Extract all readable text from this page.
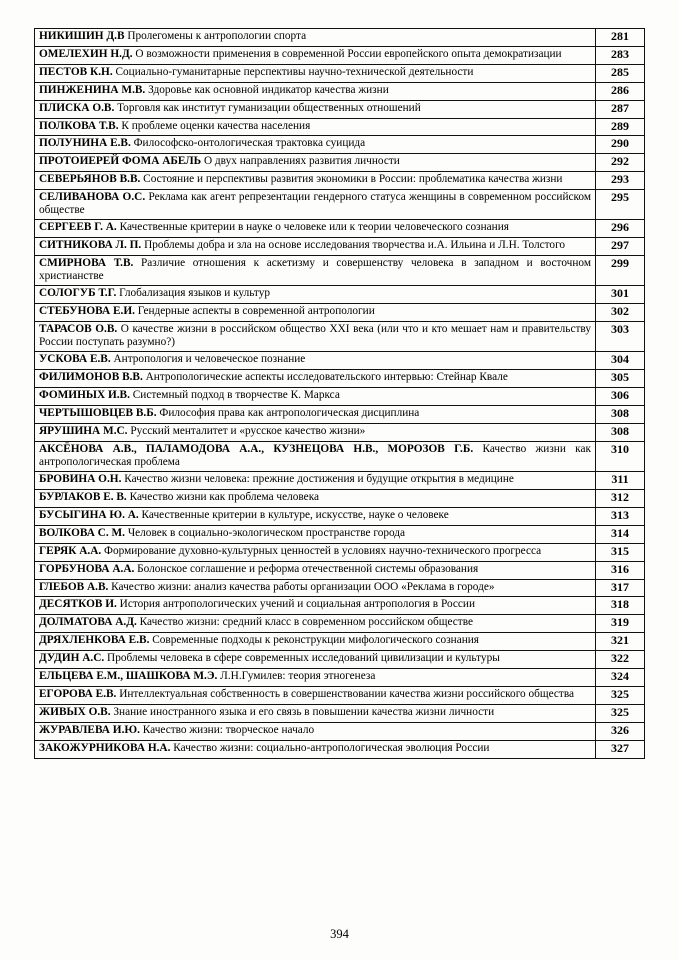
НИКИШИН Д.В Пролегомены к антропологии спорта	281
ОМЕЛЕХИН Н.Д. О возможности применения в современной России европейского опыта демократизации	283
ПЕСТОВ К.Н. Социально-гуманитарные перспективы научно-технической деятельности	285
ПИНЖЕНИНА М.В. Здоровье как основной индикатор качества жизни	286
ПЛИСКА О.В. Торговля как институт гуманизации общественных отношений	287
ПОЛКОВА Т.В. К проблеме оценки качества населения	289
ПОЛУНИНА Е.В. Философско-онтологическая трактовка суицида	290
ПРОТОИЕРЕЙ ФОМА АБЕЛЬ О двух направлениях развития личности	292
СЕВЕРЬЯНОВ В.В. Состояние и перспективы развития экономики в России: проблематика качества жизни	293
СЕЛИВАНОВА О.С. Реклама как агент репрезентации гендерного статуса женщины в современном российском обществе	295
СЕРГЕЕВ Г. А. Качественные критерии в науке о человеке или к теории человеческого сознания	296
СИТНИКОВА Л. П. Проблемы добра и зла на основе исследования творчества и.А. Ильина и Л.Н. Толстого	297
СМИРНОВА Т.В. Различие отношения к аскетизму и совершенству человека в западном и восточном христианстве	299
СОЛОГУБ Т.Г. Глобализация языков и культур	301
СТЕБУНОВА Е.И. Гендерные аспекты в современной антропологии	302
ТАРАСОВ О.В. О качестве жизни в российском общество XXI века (или что и кто мешает нам и правительству России поступать разумно?)	303
УСКОВА Е.В. Антропология и человеческое познание	304
ФИЛИМОНОВ В.В. Антропологические аспекты исследовательского интервью: Стейнар Квале	305
ФОМИНЫХ И.В. Системный подход в творчестве К. Маркса	306
ЧЕРТЫШОВЦЕВ В.Б. Философия права как антропологическая дисциплина	308
ЯРУШИНА М.С. Русский менталитет и «русское качество жизни»	308
АКСЁНОВА А.В., ПАЛАМОДОВА А.А., КУЗНЕЦОВА Н.В., МОРОЗОВ Г.Б. Качество жизни как антропологическая проблема	310
БРОВИНА О.Н. Качество жизни человека: прежние достижения и будущие открытия в медицине	311
БУРЛАКОВ Е. В. Качество жизни как проблема человека	312
БУСЫГИНА Ю. А. Качественные критерии в культуре, искусстве, науке о человеке	313
ВОЛКОВА С. М. Человек в социально-экологическом пространстве города	314
ГЕРЯК А.А. Формирование духовно-культурных ценностей в условиях научно-технического прогресса	315
ГОРБУНОВА А.А. Болонское соглашение и реформа отечественной системы образования	316
ГЛЕБОВ А.В. Качество жизни: анализ качества работы организации ООО «Реклама в городе»	317
ДЕСЯТКОВ И. История антропологических учений и социальная антропология в России	318
ДОЛМАТОВА А.Д. Качество жизни: средний класс в современном российском обществе	319
ДРЯХЛЕНКОВА Е.В. Современные подходы к реконструкции мифологического сознания	321
ДУДИН А.С. Проблемы человека в сфере современных исследований цивилизации и культуры	322
ЕЛЬЦЕВА Е.М., ШАШКОВА М.Э. Л.Н.Гумилев: теория этногенеза	324
ЕГОРОВА Е.В. Интеллектуальная собственность в совершенствовании качества жизни российского общества	325
ЖИВЫХ О.В. Знание иностранного языка и его связь в повышении качества жизни личности	325
ЖУРАВЛЕВА И.Ю. Качество жизни: творческое начало	326
ЗАКОЖУРНИКОВА Н.А. Качество жизни: социально-антропологическая эволюция России	327
394
